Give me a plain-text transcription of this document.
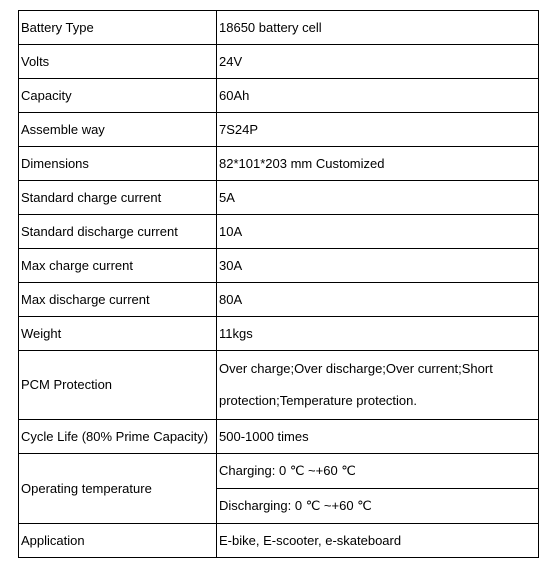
Battery Type	18650 battery cell
Volts	24V
Capacity	60Ah
Assemble way	7S24P
Dimensions	82*101*203 mm Customized
Standard charge current	5A
Standard discharge current	10A
Max charge current	30A
Max discharge current	80A
Weight	11kgs
PCM Protection	Over charge;Over discharge;Over current;Short protection;Temperature protection.
Cycle Life (80% Prime Capacity)	500-1000 times
Operating temperature	Charging: 0 ℃ ~+60 ℃
Discharging: 0 ℃ ~+60 ℃

Application	E-bike, E-scooter, e-skateboard
